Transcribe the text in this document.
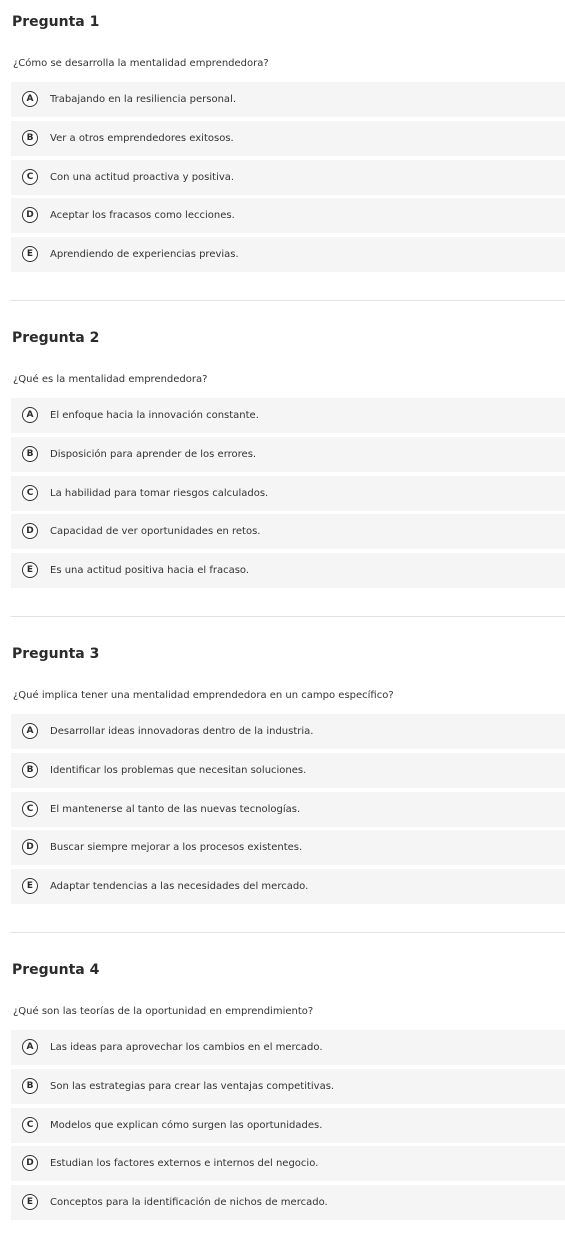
Pregunta 1

¿Cómo se desarrolla la mentalidad emprendedora?

A	Trabajando en la resiliencia personal.
B	Ver a otros emprendedores exitosos.
C	Con una actitud proactiva y positiva.
D	Aceptar los fracasos como lecciones.
E	Aprendiendo de experiencias previas.
Pregunta 2

¿Qué es la mentalidad emprendedora?

A	El enfoque hacia la innovación constante.
B	Disposición para aprender de los errores.
C	La habilidad para tomar riesgos calculados.
D	Capacidad de ver oportunidades en retos.
E	Es una actitud positiva hacia el fracaso.
Pregunta 3

¿Qué implica tener una mentalidad emprendedora en un campo específico?

A	Desarrollar ideas innovadoras dentro de la industria.
B	Identificar los problemas que necesitan soluciones.
C	El mantenerse al tanto de las nuevas tecnologías.
D	Buscar siempre mejorar a los procesos existentes.
E	Adaptar tendencias a las necesidades del mercado.
Pregunta 4

¿Qué son las teorías de la oportunidad en emprendimiento?

A	Las ideas para aprovechar los cambios en el mercado.
B	Son las estrategias para crear las ventajas competitivas.
C	Modelos que explican cómo surgen las oportunidades.
D	Estudian los factores externos e internos del negocio.
E	Conceptos para la identificación de nichos de mercado.
